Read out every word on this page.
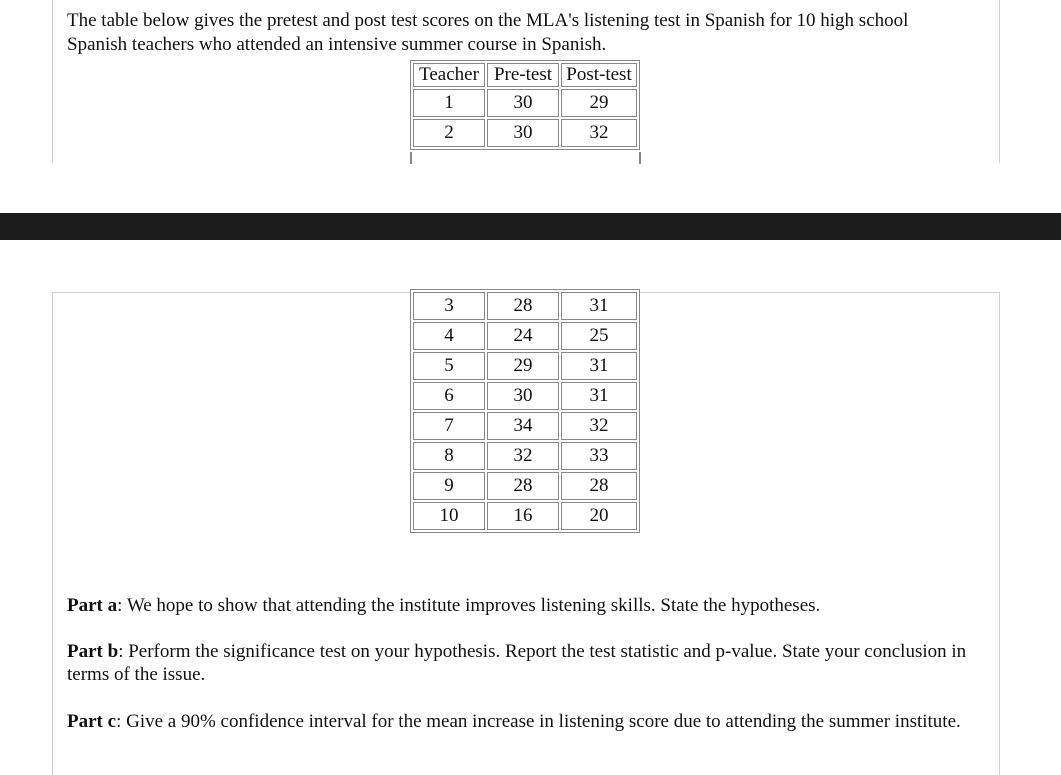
The table below gives the pretest and post test scores on the MLA's listening test in Spanish for 10 high school Spanish teachers who attended an intensive summer course in Spanish.

Teacher	Pre-test	Post-test
1	30	29
2	30	32
3	28	31
4	24	25
5	29	31
6	30	31
7	34	32
8	32	33
9	28	28
10	16	20

Part a: We hope to show that attending the institute improves listening skills. State the hypotheses.

Part b: Perform the significance test on your hypothesis. Report the test statistic and p-value. State your conclusion in terms of the issue.

Part c: Give a 90% confidence interval for the mean increase in listening score due to attending the summer institute.
